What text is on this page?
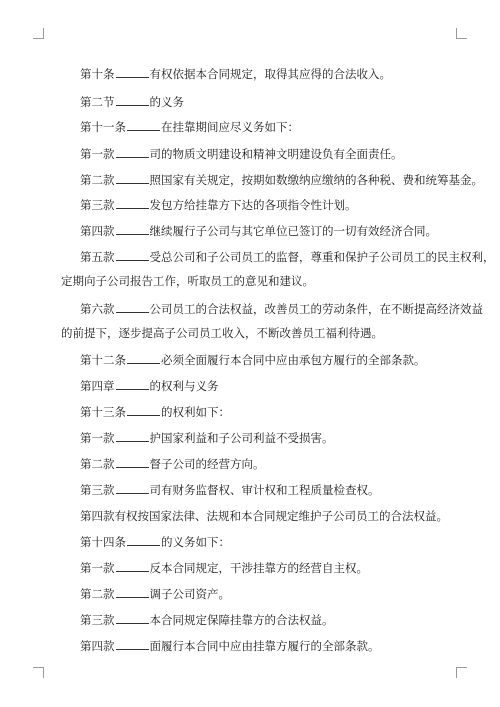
第十条	有权依据本合同规定，取得其应得的合法收入。
第二节	的义务
第十一条	在挂靠期间应尽义务如下：
第一款	司的物质文明建设和精神文明建设负有全面责任。
第二款	照国家有关规定，按期如数缴纳应缴纳的各种税、费和统筹基金。
第三款	发包方给挂靠方下达的各项指令性计划。
第四款	继续履行子公司与其它单位已签订的一切有效经济合同。
第五款	受总公司和子公司员工的监督，尊重和保护子公司员工的民主权利，
定期向子公司报告工作，听取员工的意见和建议。
第六款	公司员工的合法权益，改善员工的劳动条件，在不断提高经济效益
的前提下，逐步提高子公司员工收入，不断改善员工福利待遇。
第十二条	必须全面履行本合同中应由承包方履行的全部条款。
第四章	的权利与义务
第十三条	的权利如下：
第一款	护国家利益和子公司利益不受损害。
第二款	督子公司的经营方向。
第三款	司有财务监督权、审计权和工程质量检查权。
第四款有权按国家法律、法规和本合同规定维护子公司员工的合法权益。
第十四条	的义务如下：
第一款	反本合同规定，干涉挂靠方的经营自主权。
第二款	调子公司资产。
第三款	本合同规定保障挂靠方的合法权益。
第四款	面履行本合同中应由挂靠方履行的全部条款。
